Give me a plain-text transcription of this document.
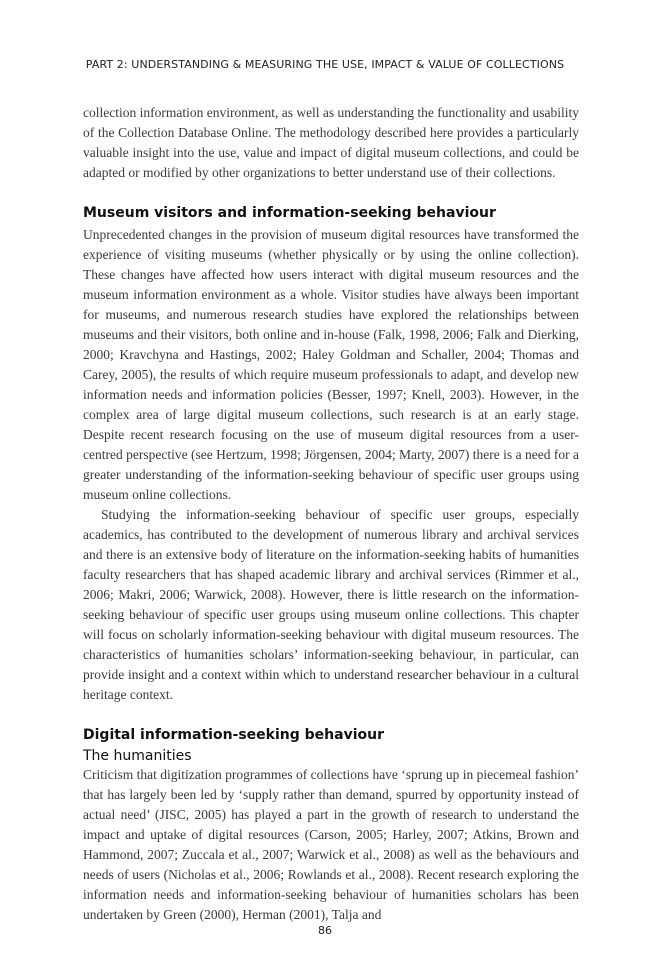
PART 2: UNDERSTANDING & MEASURING THE USE, IMPACT & VALUE OF COLLECTIONS

collection information environment, as well as understanding the functionality and usability of the Collection Database Online. The methodology described here provides a particularly valuable insight into the use, value and impact of digital museum collections, and could be adapted or modified by other organizations to better understand use of their collections.

Museum visitors and information-seeking behaviour

Unprecedented changes in the provision of museum digital resources have transformed the experience of visiting museums (whether physically or by using the online collection). These changes have affected how users interact with digital museum resources and the museum information environment as a whole. Visitor studies have always been important for museums, and numerous research studies have explored the relationships between museums and their visitors, both online and in-house (Falk, 1998, 2006; Falk and Dierking, 2000; Kravchyna and Hastings, 2002; Haley Goldman and Schaller, 2004; Thomas and Carey, 2005), the results of which require museum professionals to adapt, and develop new information needs and information policies (Besser, 1997; Knell, 2003). However, in the complex area of large digital museum collections, such research is at an early stage. Despite recent research focusing on the use of museum digital resources from a user-centred perspective (see Hertzum, 1998; Jörgensen, 2004; Marty, 2007) there is a need for a greater understanding of the information-seeking behaviour of specific user groups using museum online collections.

Studying the information-seeking behaviour of specific user groups, especially academics, has contributed to the development of numerous library and archival services and there is an extensive body of literature on the information-seeking habits of humanities faculty researchers that has shaped academic library and archival services (Rimmer et al., 2006; Makri, 2006; Warwick, 2008). However, there is little research on the information-seeking behaviour of specific user groups using museum online collections. This chapter will focus on scholarly information-seeking behaviour with digital museum resources. The characteristics of humanities scholars’ information-seeking behaviour, in particular, can provide insight and a context within which to understand researcher behaviour in a cultural heritage context.

Digital information-seeking behaviour
The humanities

Criticism that digitization programmes of collections have ‘sprung up in piecemeal fashion’ that has largely been led by ‘supply rather than demand, spurred by opportunity instead of actual need’ (JISC, 2005) has played a part in the growth of research to understand the impact and uptake of digital resources (Carson, 2005; Harley, 2007; Atkins, Brown and Hammond, 2007; Zuccala et al., 2007; Warwick et al., 2008) as well as the behaviours and needs of users (Nicholas et al., 2006; Rowlands et al., 2008). Recent research exploring the information needs and information-seeking behaviour of humanities scholars has been undertaken by Green (2000), Herman (2001), Talja and

86
